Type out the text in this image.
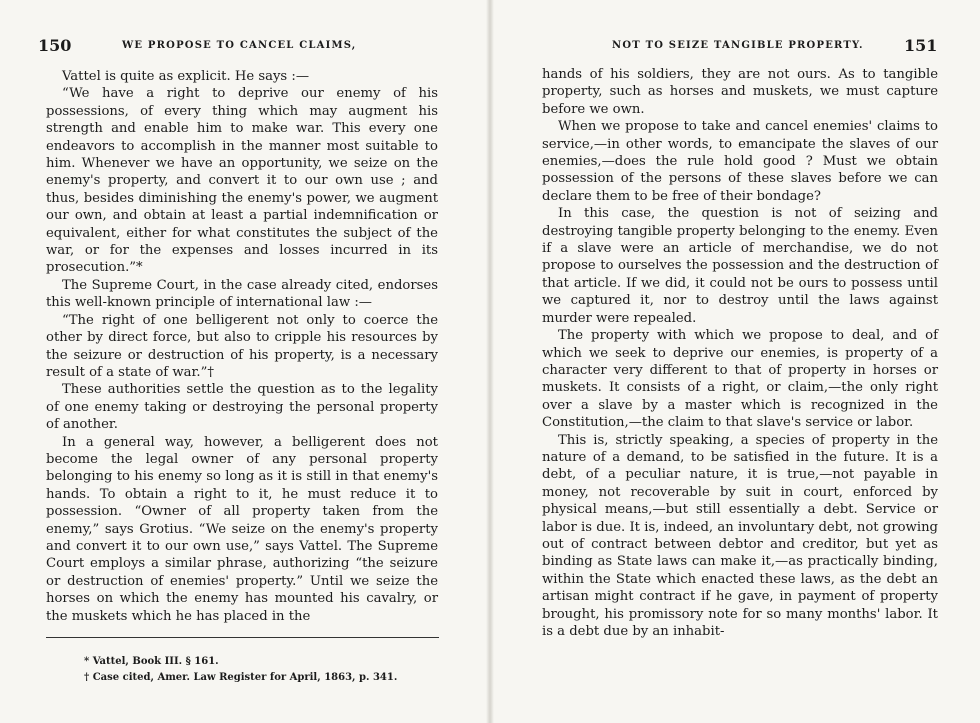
150	WE PROPOSE TO CANCEL CLAIMS,

Vattel is quite as explicit. He says :—

“We have a right to deprive our enemy of his possessions, of every thing which may augment his strength and enable him to make war. This every one endeavors to accomplish in the manner most suitable to him. Whenever we have an opportunity, we seize on the enemy's property, and convert it to our own use ; and thus, besides diminishing the enemy's power, we augment our own, and obtain at least a partial indemnification or equivalent, either for what constitutes the subject of the war, or for the expenses and losses incurred in its prosecution.”*

The Supreme Court, in the case already cited, endorses this well-known principle of international law :—

“The right of one belligerent not only to coerce the other by direct force, but also to cripple his resources by the seizure or destruction of his property, is a necessary result of a state of war.”†

These authorities settle the question as to the legality of one enemy taking or destroying the personal property of another.

In a general way, however, a belligerent does not become the legal owner of any personal property belonging to his enemy so long as it is still in that enemy's hands. To obtain a right to it, he must reduce it to possession. “Owner of all property taken from the enemy,” says Grotius. “We seize on the enemy's property and convert it to our own use,” says Vattel. The Supreme Court employs a similar phrase, authorizing “the seizure or destruction of enemies' property.” Until we seize the horses on which the enemy has mounted his cavalry, or the muskets which he has placed in the

* Vattel, Book III. § 161.
† Case cited, Amer. Law Register for April, 1863, p. 341.
NOT TO SEIZE TANGIBLE PROPERTY.	151

hands of his soldiers, they are not ours. As to tangible property, such as horses and muskets, we must capture before we own.

When we propose to take and cancel enemies' claims to service,—in other words, to emancipate the slaves of our enemies,—does the rule hold good ? Must we obtain possession of the persons of these slaves before we can declare them to be free of their bondage?

In this case, the question is not of seizing and destroying tangible property belonging to the enemy. Even if a slave were an article of merchandise, we do not propose to ourselves the possession and the destruction of that article. If we did, it could not be ours to possess until we captured it, nor to destroy until the laws against murder were repealed.

The property with which we propose to deal, and of which we seek to deprive our enemies, is property of a character very different to that of property in horses or muskets. It consists of a right, or claim,—the only right over a slave by a master which is recognized in the Constitution,—the claim to that slave's service or labor.

This is, strictly speaking, a species of property in the nature of a demand, to be satisfied in the future. It is a debt, of a peculiar nature, it is true,—not payable in money, not recoverable by suit in court, enforced by physical means,—but still essentially a debt. Service or labor is due. It is, indeed, an involuntary debt, not growing out of contract between debtor and creditor, but yet as binding as State laws can make it,—as practically binding, within the State which enacted these laws, as the debt an artisan might contract if he gave, in payment of property brought, his promissory note for so many months' labor. It is a debt due by an inhabit-
